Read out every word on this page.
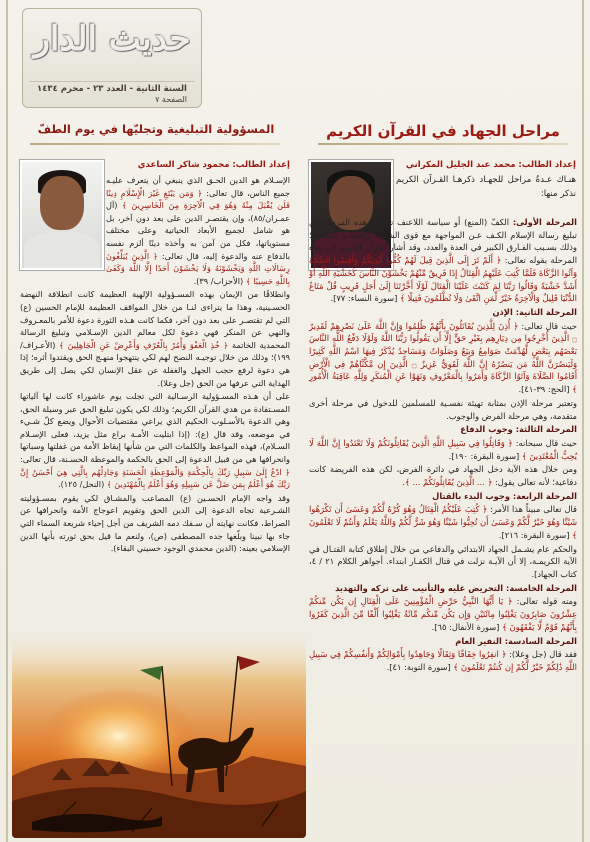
حديث الدار
السنة الثانية - العدد ٢٣ - محرم ١٤٣٤
الصفحة ٧
مراحل الجهاد في القرآن الكريم
المسؤولية التبليغية وتجليّها في يوم الطفّ

إعداد الطالب: محمد عبد الجليل المكراني

هنـاك عـدةُ مراحل للجهـاد ذكرهـا القـرآن الكريم نذكر منها:

المرحلة الأولى: الكفّ (المنع) أو سياسة اللاعنف تطلبت هذه المرحلة من تبليغ رسالة الإسلام الكـف عـن المواجهة مع قوى الشـرك وأقطاب الجاهلية؛ وذلك بسـبب الفـارق الكبير في العدة والعدد، وقد أشار القرآن الكريم إلى هذه المرحلة بقوله تعالى: ﴿ أَلَمْ تَرَ إِلَى الَّذِينَ قِيلَ لَهُمْ كُفُّوا أَيْدِيَكُمْ وَأَقِيمُوا الصَّلَاةَ وَآتُوا الزَّكَاةَ فَلَمَّا كُتِبَ عَلَيْهِمُ الْقِتَالُ إِذَا فَرِيقٌ مِّنْهُمْ يَخْشَوْنَ النَّاسَ كَخَشْيَةِ اللَّهِ أَوْ أَشَدَّ خَشْيَةً وَقَالُوا رَبَّنَا لِمَ كَتَبْتَ عَلَيْنَا الْقِتَالَ لَوْلَا أَخَّرْتَنَا إِلَىٰ أَجَلٍ قَرِيبٍ قُلْ مَتَاعُ الدُّنْيَا قَلِيلٌ وَالْآخِرَةُ خَيْرٌ لِّمَنِ اتَّقَىٰ وَلَا تُظْلَمُونَ فَتِيلًا ﴾ [سورة النساء: ٧٧].

المرحلة الثانية: الإذن

حيث قال تعالى: ﴿ أُذِنَ لِلَّذِينَ يُقَاتَلُونَ بِأَنَّهُمْ ظُلِمُوا وَإِنَّ اللَّهَ عَلَىٰ نَصْرِهِمْ لَقَدِيرٌ ۝ الَّذِينَ أُخْرِجُوا مِن دِيَارِهِم بِغَيْرِ حَقٍّ إِلَّا أَن يَقُولُوا رَبُّنَا اللَّهُ وَلَوْلَا دَفْعُ اللَّهِ النَّاسَ بَعْضَهُم بِبَعْضٍ لَّهُدِّمَتْ صَوَامِعُ وَبِيَعٌ وَصَلَوَاتٌ وَمَسَاجِدُ يُذْكَرُ فِيهَا اسْمُ اللَّهِ كَثِيرًا وَلَيَنصُرَنَّ اللَّهُ مَن يَنصُرُهُ إِنَّ اللَّهَ لَقَوِيٌّ عَزِيزٌ ۝ الَّذِينَ إِن مَّكَّنَّاهُمْ فِي الْأَرْضِ أَقَامُوا الصَّلَاةَ وَآتَوُا الزَّكَاةَ وَأَمَرُوا بِالْمَعْرُوفِ وَنَهَوْا عَنِ الْمُنكَرِ وَلِلَّهِ عَاقِبَةُ الْأُمُورِ ﴾ [الحج: ٣٩-٤١].

وتعتبر مرحلة الإذن بمثابة تهيئة نفسـية للمسلمين للدخول في مرحلة أخرى متقدمة، وهي مرحلة الفرض والوجوب.

المرحلة الثالثة: وجوب الدفاع

حيث قال سبحانه: ﴿ وَقَاتِلُوا فِي سَبِيلِ اللَّهِ الَّذِينَ يُقَاتِلُونَكُمْ وَلَا تَعْتَدُوا إِنَّ اللَّهَ لَا يُحِبُّ الْمُعْتَدِينَ ﴾ [سورة البقرة: ١٩٠].

ومن خلال هذه الآية دخل الجهاد في دائرة الفرض، لكن هذه الفريضة كانت دفاعية؛ لأنه تعالى يقول: ﴿ ... الَّذِينَ يُقَاتِلُونَكُمْ ... ﴾.

المرحلة الرابعة: وجوب البدء بالقتال

قال تعالى مبيناً هذا الأمر: ﴿ كُتِبَ عَلَيْكُمُ الْقِتَالُ وَهُوَ كُرْهٌ لَّكُمْ وَعَسَىٰ أَن تَكْرَهُوا شَيْئًا وَهُوَ خَيْرٌ لَّكُمْ وَعَسَىٰ أَن تُحِبُّوا شَيْئًا وَهُوَ شَرٌّ لَّكُمْ وَاللَّهُ يَعْلَمُ وَأَنتُمْ لَا تَعْلَمُونَ ﴾ [سورة البقرة: ٢١٦].

والحكم عام يشـمل الجهاد الابتدائي والدفاعي من خلال إطلاق كتابة القتـال في الآية الكريمـة، إلا أن الآيـة نزلت في قتال الكفـار ابتداء. أجواهر الكلام ٢١ / ٤، كتاب الجهاد].

المرحلة الخامسة: التحريض عليه والتأنيب على تركه والتهديد

ومنه قوله تعالى: ﴿ يَا أَيُّهَا النَّبِيُّ حَرِّضِ الْمُؤْمِنِينَ عَلَى الْقِتَالِ إِن يَكُن مِّنكُمْ عِشْرُونَ صَابِرُونَ يَغْلِبُوا مِائَتَيْنِ وَإِن يَكُن مِّنكُم مِّائَةٌ يَغْلِبُوا أَلْفًا مِّنَ الَّذِينَ كَفَرُوا بِأَنَّهُمْ قَوْمٌ لَّا يَفْقَهُونَ ﴾ [سورة الأنفال: ٦٥].

المرحلة السادسة: النفير العام

فقد قال (جل وعلا): ﴿ انفِرُوا خِفَافًا وَثِقَالًا وَجَاهِدُوا بِأَمْوَالِكُمْ وَأَنفُسِكُمْ فِي سَبِيلِ اللَّهِ ذَٰلِكُمْ خَيْرٌ لَّكُمْ إِن كُنتُمْ تَعْلَمُونَ ﴾ [سورة التوبة: ٤١].

إعداد الطالب: محمود شاكر الساعدي

الإسـلام هو الدين الحـق الذي ينبغي أن يتعرف عليـه جميع الناس، قال تعالى: ﴿ وَمَن يَبْتَغِ غَيْرَ الْإِسْلَامِ دِينًا فَلَن يُقْبَلَ مِنْهُ وَهُوَ فِي الْآخِرَةِ مِنَ الْخَاسِرِينَ ﴾ (آل عمـران/٨٥)، وإن يقتصـر الدين على بعد دون آخر، بل هو شامل لجميع الأبعاد الحياتية وعلى مختلف مستوياتها، فكل من آمن به وأخذه دينًا ألزم نفسه بالدفاع عنه والدعوة إليه، قال تعالى: ﴿ الَّذِينَ يُبَلِّغُونَ رِسَالَاتِ اللَّهِ وَيَخْشَوْنَهُ وَلَا يَخْشَوْنَ أَحَدًا إِلَّا اللَّهَ وَكَفَىٰ بِاللَّهِ حَسِيبًا ﴾ (الأحزاب/ ٣٩).

وانطلاقًا من الإيمان بهذه المسـؤولية الإلهية العظيمة كانت انطلاقة النهضة الحسـينية، وهذا ما يتراءى لنـا من خلال المواقف العظيمة للإمام الحسين (ع) التي لم تقتصـر على بعد دون آخر، فكما كانت هـذه الثورة دعوة للأمر بالمعـروف والنهي عن المنكر فهي دعوة لكل معالم الدين الإسـلامي وتبليغ الرسالة المحمدية الخاتمة ﴿ خُذِ الْعَفْوَ وَأْمُرْ بِالْعُرْفِ وَأَعْرِضْ عَنِ الْجَاهِلِينَ ﴾ (الأعـراف/ ١٩٩)؛ وذلك من خلال توجيـه النصح لهم لكي ينتهجوا منهـج الحق ويقتدوا أثره؛ إذا هي دعوة لرفع حجب الجهل والغفلة عن عقل الإنسان لكي يصل إلى طريق الهداية التي عرفها من الحق (جل وعلا).

على أن هـذه المسـؤولية الرسـالية التي تجلت يوم عاشوراء كانت لها آلياتها المسـتفادة من هدي القرآن الكريم؛ وذلك لكي يكون تبليغ الحق عبر وسيلة الحق، وهي الدعوة بالأسـلوب الحكيم الذي يراعي مقتضيات الأحوال ويضع كلّ شـيء في موضعه، وقد قال (ع): (إذا ابتليت الأمـة براع مثل يزيد، فعلى الإسـلام السـلام)، فهذه المواعظ والكلمات التي من شأنها إيقاظ الأمة من غفلتها وسباتها وانحرافها هي من قبيل الدعوة إلى الحق بالحكمة والموعظة الحسـنة، قال تعالى: ﴿ ادْعُ إِلَىٰ سَبِيلِ رَبِّكَ بِالْحِكْمَةِ وَالْمَوْعِظَةِ الْحَسَنَةِ وَجَادِلْهُم بِالَّتِي هِيَ أَحْسَنُ إِنَّ رَبَّكَ هُوَ أَعْلَمُ بِمَن ضَلَّ عَن سَبِيلِهِ وَهُوَ أَعْلَمُ بِالْمُهْتَدِينَ ﴾ (النحل/ ١٢٥).

وقد واجه الإمام الحسـين (ع) المصاعب والمشـاق لكي يقوم بمسـؤوليته الشـرعية تجاه الدعوة إلى الدين الحق وتقويم اعوجاج الأمة وانحرافها عن الصراط، فكانت نهايته أن سـفك دمه الشريف من أجل إحياء شريعة السماء التي جاء بها نبينا وبلّغها جده المصطفى (ص)، ولنعم ما قيل بحق ثورته بأنها الدين الإسلامي بعينه: (الدين محمدي الوجود حسيني البقاء).
